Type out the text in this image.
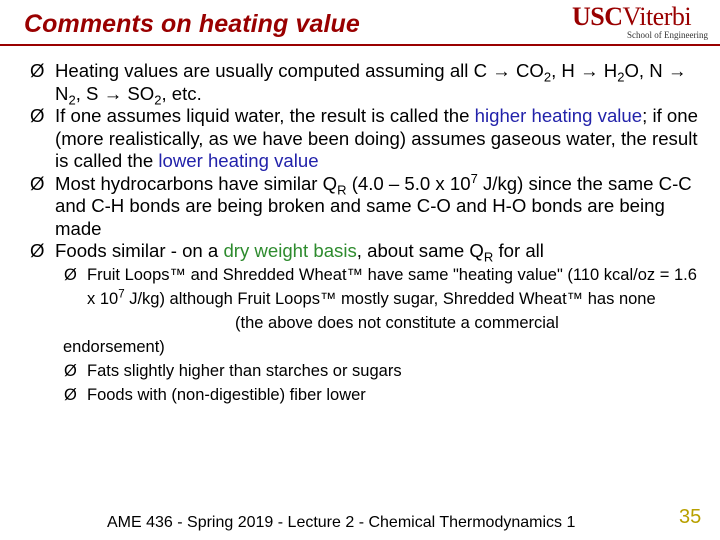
Comments on heating value	USCViterbi
School of Engineering

Ø Heating values are usually computed assuming all $C \to CO_2$, $H \to H_2O$, $N \to N_2$, $S \to SO_2$, etc.

Ø If one assumes liquid water, the result is called the higher heating value; if one (more realistically, as we have been doing) assumes gaseous water, the result is called the lower heating value

Ø Most hydrocarbons have similar $Q_R$ (4.0 – 5.0 x $10^7$ J/kg) since the same C-C and C-H bonds are being broken and same C-O and H-O bonds are being made

Ø Foods similar - on a dry weight basis, about same $Q_R$ for all

Ø Fruit Loops™ and Shredded Wheat™ have same "heating value" (110 kcal/oz = 1.6 x $10^7$ J/kg) although Fruit Loops™ mostly sugar, Shredded Wheat™ has none
(the above does not constitute a commercial

endorsement)

Ø Fats slightly higher than starches or sugars

Ø Foods with (non-digestible) fiber lower

AME 436 - Spring 2019 - Lecture 2 - Chemical Thermodynamics 1	35
